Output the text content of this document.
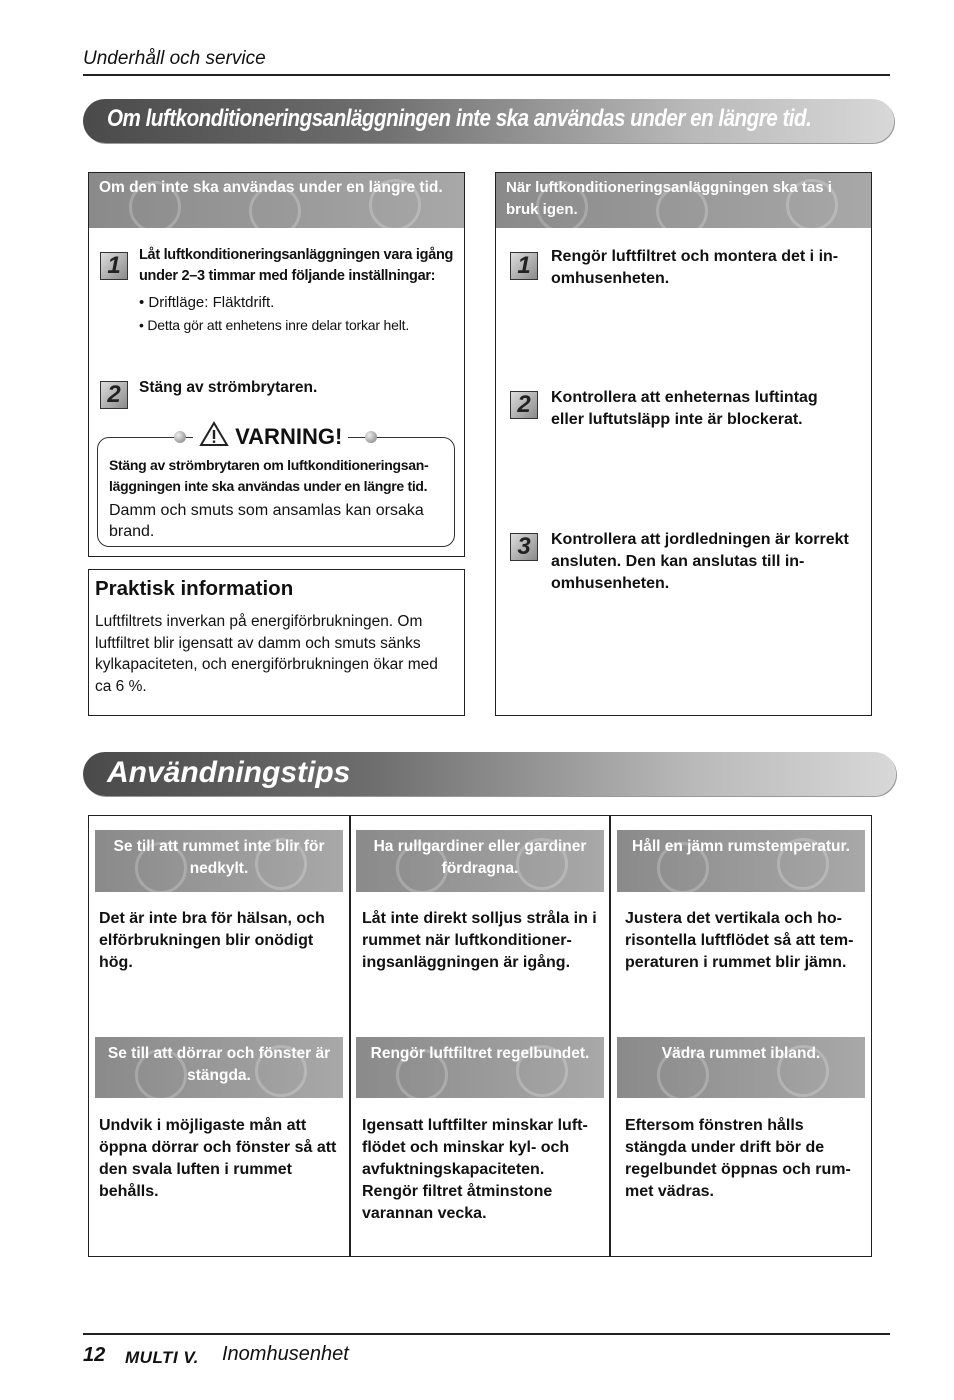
Underhåll och service
Om luftkonditioneringsanläggningen inte ska användas under en längre tid.
Om den inte ska användas under en längre tid.
1	Låt luftkonditioneringsanläggningen vara igång under 2–3 timmar med följande inställningar:
• Driftläge: Fläktdrift.
• Detta gör att enhetens inre delar torkar helt.
2	Stäng av strömbrytaren.
VARNING!
Stäng av strömbrytaren om luftkonditioneringsan- läggningen inte ska användas under en längre tid.
Damm och smuts som ansamlas kan orsaka brand.
Praktisk information
Luftfiltrets inverkan på energiförbrukningen. Om luftfiltret blir igensatt av damm och smuts sänks kylkapaciteten, och energiförbrukningen ökar med ca 6 %.
När luftkonditioneringsanläggningen ska tas i bruk igen.
1	Rengör luftfiltret och montera det i in- omhusenheten.
2	Kontrollera att enheternas luftintag eller luftutsläpp inte är blockerat.
3	Kontrollera att jordledningen är korrekt ansluten. Den kan anslutas till in- omhusenheten.
Användningstips
Se till att rummet inte blir för nedkylt.
Ha rullgardiner eller gardiner fördragna.
Håll en jämn rumstemperatur.
Det är inte bra för hälsan, och elförbrukningen blir onödigt hög.
Låt inte direkt solljus stråla in i rummet när luftkonditioner- ingsanläggningen är igång.
Justera det vertikala och ho- risontella luftflödet så att tem- peraturen i rummet blir jämn.
Se till att dörrar och fönster är stängda.
Rengör luftfiltret regelbundet.	Vädra rummet ibland.
Undvik i möjligaste mån att öppna dörrar och fönster så att den svala luften i rummet behålls.
Igensatt luftfilter minskar luft- flödet och minskar kyl- och avfuktningskapaciteten. Rengör filtret åtminstone varannan vecka.
Eftersom fönstren hålls stängda under drift bör de regelbundet öppnas och rum- met vädras.
12 MULTI V. Inomhusenhet
